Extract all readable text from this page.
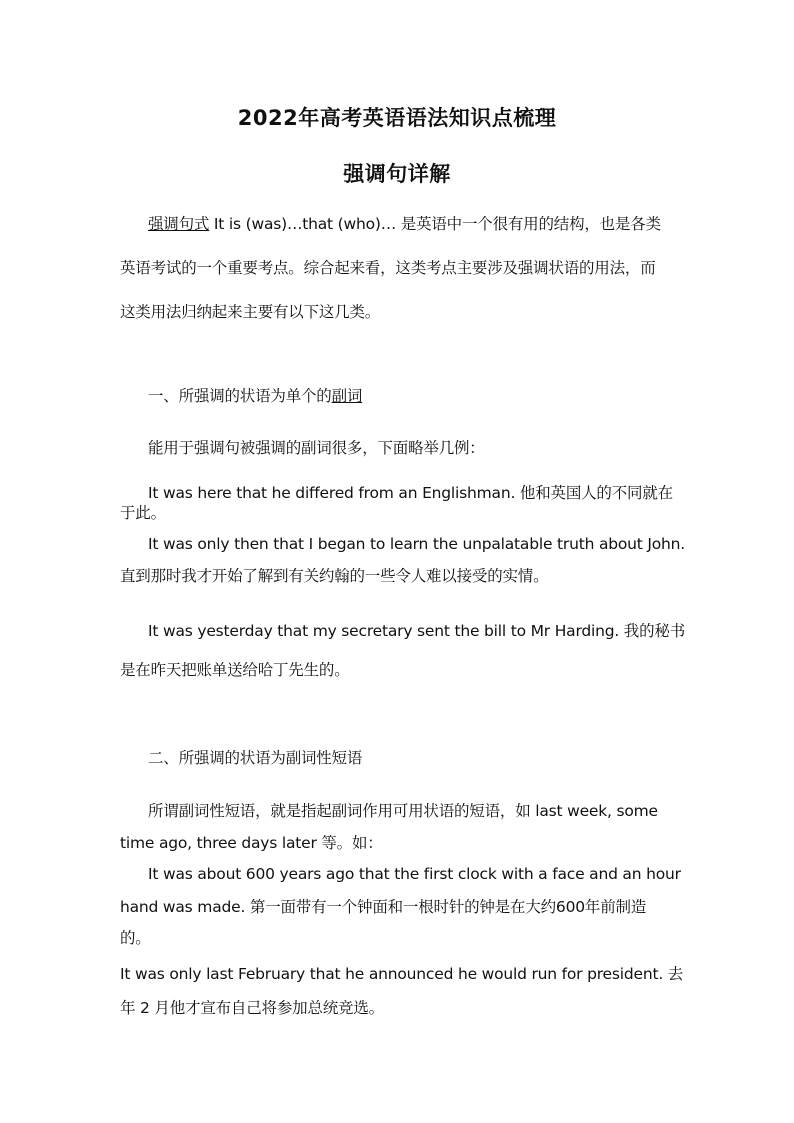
2022年高考英语语法知识点梳理
强调句详解
强调句式 It is (was)…that (who)… 是英语中一个很有用的结构，也是各类
英语考试的一个重要考点。综合起来看，这类考点主要涉及强调状语的用法，而
这类用法归纳起来主要有以下这几类。
一、所强调的状语为单个的副词
能用于强调句被强调的副词很多，下面略举几例：
It was here that he differed from an Englishman. 他和英国人的不同就在
于此。
It was only then that I began to learn the unpalatable truth about John.
直到那时我才开始了解到有关约翰的一些令人难以接受的实情。
It was yesterday that my secretary sent the bill to Mr Harding. 我的秘书
是在昨天把账单送给哈丁先生的。
二、所强调的状语为副词性短语
所谓副词性短语，就是指起副词作用可用状语的短语，如 last week, some
time ago, three days later 等。如：
It was about 600 years ago that the first clock with a face and an hour
hand was made. 第一面带有一个钟面和一根时针的钟是在大约600年前制造
的。
It was only last February that he announced he would run for president. 去
年 2 月他才宣布自己将参加总统竞选。
